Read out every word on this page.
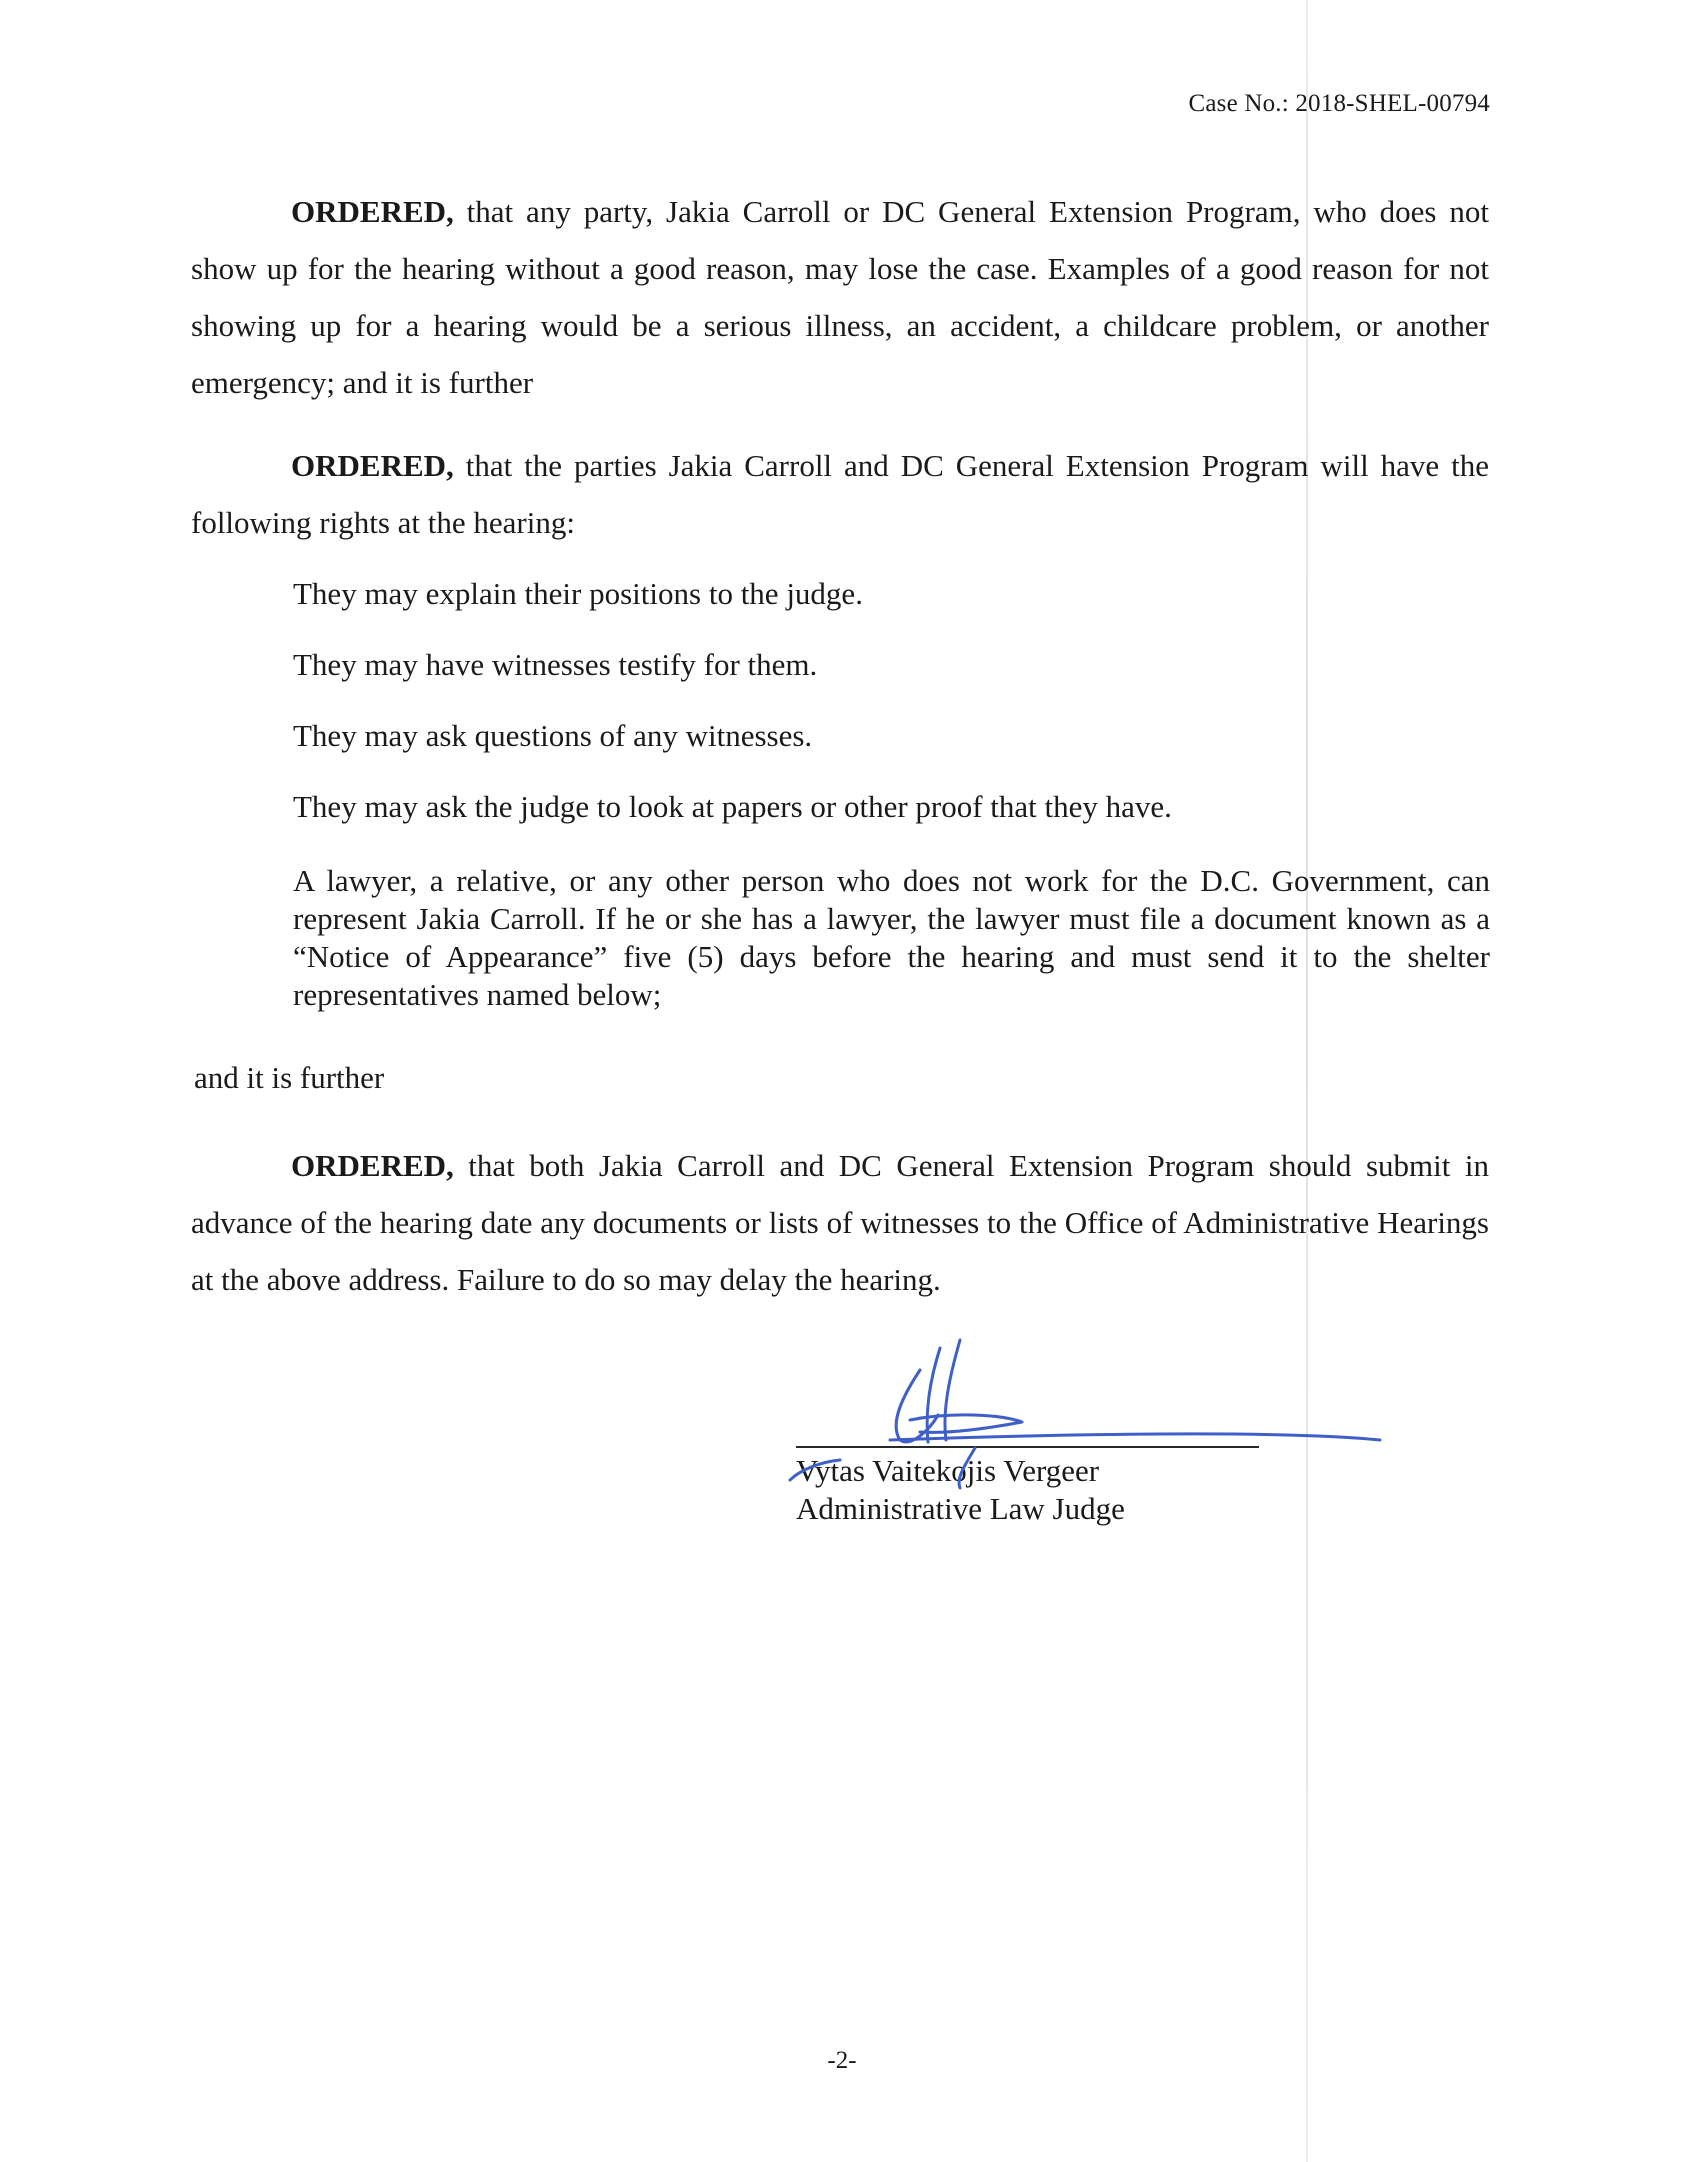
Case No.: 2018-SHEL-00794
ORDERED, that any party, Jakia Carroll or DC General Extension Program, who does not show up for the hearing without a good reason, may lose the case. Examples of a good reason for not showing up for a hearing would be a serious illness, an accident, a childcare problem, or another emergency; and it is further
ORDERED, that the parties Jakia Carroll and DC General Extension Program will have the following rights at the hearing:
They may explain their positions to the judge.
They may have witnesses testify for them.
They may ask questions of any witnesses.
They may ask the judge to look at papers or other proof that they have.
A lawyer, a relative, or any other person who does not work for the D.C. Government, can represent Jakia Carroll. If he or she has a lawyer, the lawyer must file a document known as a “Notice of Appearance” five (5) days before the hearing and must send it to the shelter representatives named below;
and it is further
ORDERED, that both Jakia Carroll and DC General Extension Program should submit in advance of the hearing date any documents or lists of witnesses to the Office of Administrative Hearings at the above address. Failure to do so may delay the hearing.
Vytas Vaitekojis Vergeer
Administrative Law Judge
-2-
